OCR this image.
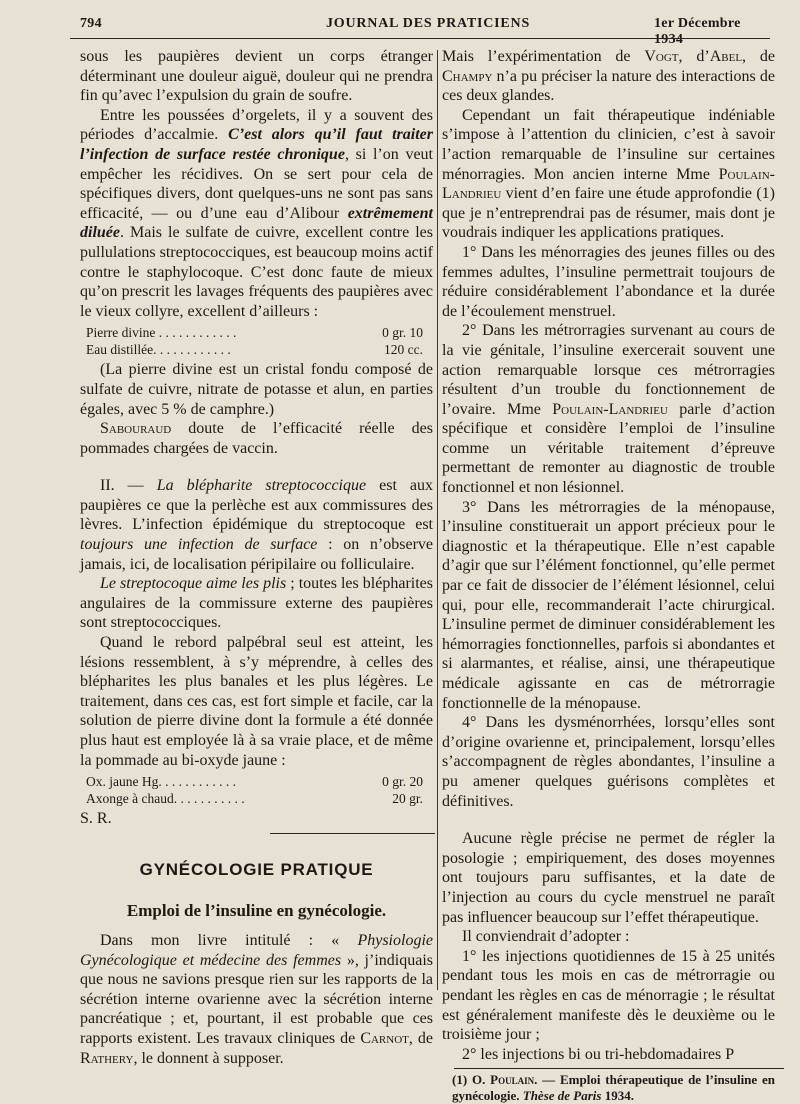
794	JOURNAL DES PRATICIENS	1er Décembre 1934

sous les paupières devient un corps étranger déterminant une douleur aiguë, douleur qui ne prendra fin qu’avec l’expulsion du grain de soufre.

Entre les poussées d’orgelets, il y a souvent des périodes d’accalmie. C’est alors qu’il faut traiter l’infection de surface restée chronique, si l’on veut empêcher les récidives. On se sert pour cela de spécifiques divers, dont quelques-uns ne sont pas sans efficacité, — ou d’une eau d’Alibour extrêmement diluée. Mais le sulfate de cuivre, excellent contre les pullulations streptococciques, est beaucoup moins actif contre le staphylocoque. C’est donc faute de mieux qu’on prescrit les lavages fréquents des paupières avec le vieux collyre, excellent d’ailleurs :

Pierre divine . . . . . . . . . . . .	0 gr. 10
Eau distillée. . . . . . . . . . . .	120 cc.

(La pierre divine est un cristal fondu composé de sulfate de cuivre, nitrate de potasse et alun, en parties égales, avec 5 % de camphre.)

Sabouraud doute de l’efficacité réelle des pommades chargées de vaccin.

II. — La blépharite streptococcique est aux paupières ce que la perlèche est aux commissures des lèvres. L’infection épidémique du streptocoque est toujours une infection de surface : on n’observe jamais, ici, de localisation péripilaire ou folliculaire.

Le streptocoque aime les plis ; toutes les blépharites angulaires de la commissure externe des paupières sont streptococciques.

Quand le rebord palpébral seul est atteint, les lésions ressemblent, à s’y méprendre, à celles des blépharites les plus banales et les plus légères. Le traitement, dans ces cas, est fort simple et facile, car la solution de pierre divine dont la formule a été donnée plus haut est employée là à sa vraie place, et de même la pommade au bi-oxyde jaune :

Ox. jaune Hg. . . . . . . . . . . .	0 gr. 20
Axonge à chaud. . . . . . . . . . .	20 gr.

S. R.

GYNÉCOLOGIE PRATIQUE
Emploi de l’insuline en gynécologie.

Dans mon livre intitulé : « Physiologie Gynécologique et médecine des femmes », j’indiquais que nous ne savions presque rien sur les rapports de la sécrétion interne ovarienne avec la sécrétion interne pancréatique ; et, pourtant, il est probable que ces rapports existent. Les travaux cliniques de Carnot, de Rathery, le donnent à supposer.

Mais l’expérimentation de Vogt, d’Abel, de Champy n’a pu préciser la nature des interactions de ces deux glandes.

Cependant un fait thérapeutique indéniable s’impose à l’attention du clinicien, c’est à savoir l’action remarquable de l’insuline sur certaines ménorragies. Mon ancien interne Mme Poulain-Landrieu vient d’en faire une étude approfondie (1) que je n’entreprendrai pas de résumer, mais dont je voudrais indiquer les applications pratiques.

1° Dans les ménorragies des jeunes filles ou des femmes adultes, l’insuline permettrait toujours de réduire considérablement l’abondance et la durée de l’écoulement menstruel.

2° Dans les métrorragies survenant au cours de la vie génitale, l’insuline exercerait souvent une action remarquable lorsque ces métrorragies résultent d’un trouble du fonctionnement de l’ovaire. Mme Poulain-Landrieu parle d’action spécifique et considère l’emploi de l’insuline comme un véritable traitement d’épreuve permettant de remonter au diagnostic de trouble fonctionnel et non lésionnel.

3° Dans les métrorragies de la ménopause, l’insuline constituerait un apport précieux pour le diagnostic et la thérapeutique. Elle n’est capable d’agir que sur l’élément fonctionnel, qu’elle permet par ce fait de dissocier de l’élément lésionnel, celui qui, pour elle, recommanderait l’acte chirurgical. L’insuline permet de diminuer considérablement les hémorragies fonctionnelles, parfois si abondantes et si alarmantes, et réalise, ainsi, une thérapeutique médicale agissante en cas de métrorragie fonctionnelle de la ménopause.

4° Dans les dysménorrhées, lorsqu’elles sont d’origine ovarienne et, principalement, lorsqu’elles s’accompagnent de règles abondantes, l’insuline a pu amener quelques guérisons complètes et définitives.

Aucune règle précise ne permet de régler la posologie ; empiriquement, des doses moyennes ont toujours paru suffisantes, et la date de l’injection au cours du cycle menstruel ne paraît pas influencer beaucoup sur l’effet thérapeutique.

Il conviendrait d’adopter :

1° les injections quotidiennes de 15 à 25 unités pendant tous les mois en cas de métrorragie ou pendant les règles en cas de ménorragie ; le résultat est généralement manifeste dès le deuxième ou le troisième jour ;

2° les injections bi ou tri-hebdomadaires P

(1) O. Poulain. — Emploi thérapeutique de l’insuline en gynécologie. Thèse de Paris 1934.
